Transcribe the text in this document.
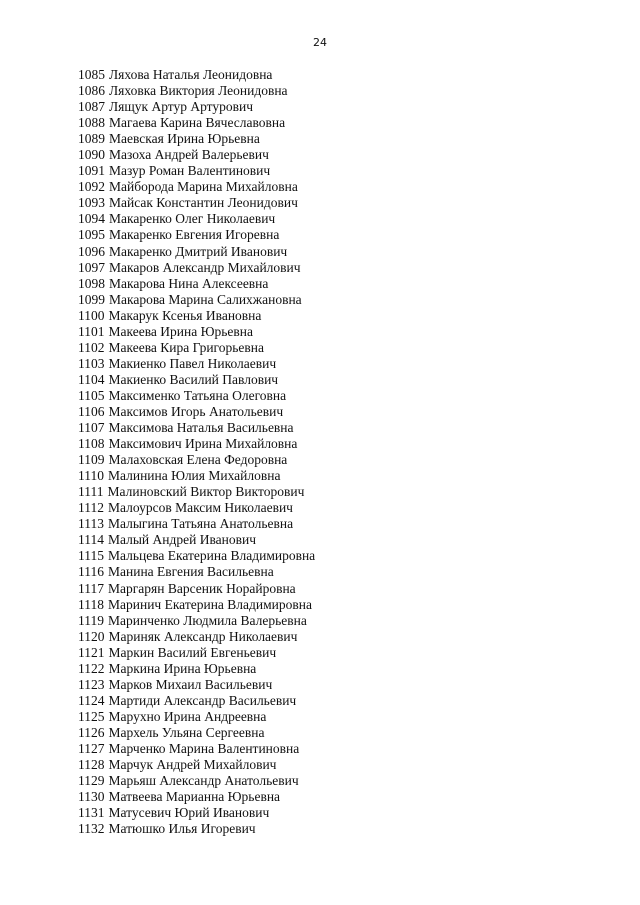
24
1085 Ляхова Наталья Леонидовна
1086 Ляховка Виктория Леонидовна
1087 Лящук Артур Артурович
1088 Магаева Карина Вячеславовна
1089 Маевская Ирина Юрьевна
1090 Мазоха Андрей Валерьевич
1091 Мазур Роман Валентинович
1092 Майборода Марина Михайловна
1093 Майсак Константин Леонидович
1094 Макаренко Олег Николаевич
1095 Макаренко Евгения Игоревна
1096 Макаренко Дмитрий Иванович
1097 Макаров Александр Михайлович
1098 Макарова Нина Алексеевна
1099 Макарова Марина Салихжановна
1100 Макарук Ксенья Ивановна
1101 Макеева Ирина Юрьевна
1102 Макеева Кира Григорьевна
1103 Макиенко Павел Николаевич
1104 Макиенко Василий Павлович
1105 Максименко Татьяна Олеговна
1106 Максимов Игорь Анатольевич
1107 Максимова Наталья Васильевна
1108 Максимович Ирина Михайловна
1109 Малаховская Елена Федоровна
1110 Малинина Юлия Михайловна
1111 Малиновский Виктор Викторович
1112 Малоурсов Максим Николаевич
1113 Малыгина Татьяна Анатольевна
1114 Малый Андрей Иванович
1115 Мальцева Екатерина Владимировна
1116 Манина Евгения Васильевна
1117 Маргарян Варсеник Норайровна
1118 Маринич Екатерина Владимировна
1119 Маринченко Людмила Валерьевна
1120 Мариняк Александр Николаевич
1121 Маркин Василий Евгеньевич
1122 Маркина Ирина Юрьевна
1123 Марков Михаил Васильевич
1124 Мартиди Александр Васильевич
1125 Марухно Ирина Андреевна
1126 Мархель Ульяна Сергеевна
1127 Марченко Марина Валентиновна
1128 Марчук Андрей Михайлович
1129 Марьяш Александр Анатольевич
1130 Матвеева Марианна Юрьевна
1131 Матусевич Юрий Иванович
1132 Матюшко Илья Игоревич
